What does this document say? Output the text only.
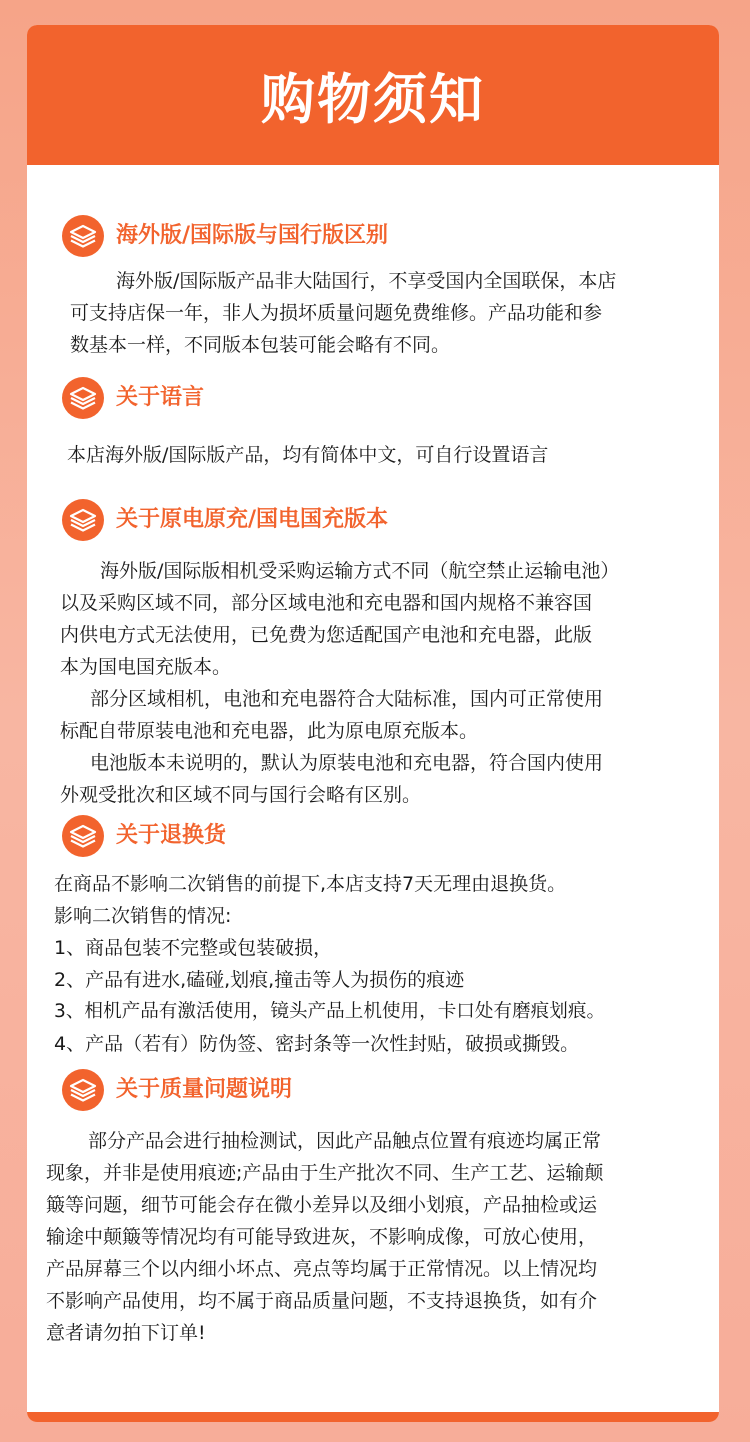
购物须知
海外版/国际版与国行版区别
海外版/国际版产品非大陆国行，不享受国内全国联保，本店
可支持店保一年，非人为损坏质量问题免费维修。产品功能和参
数基本一样，不同版本包装可能会略有不同。
关于语言
本店海外版/国际版产品，均有简体中文，可自行设置语言
关于原电原充/国电国充版本
海外版/国际版相机受采购运输方式不同（航空禁止运输电池）
以及采购区域不同，部分区域电池和充电器和国内规格不兼容国
内供电方式无法使用，已免费为您适配国产电池和充电器，此版
本为国电国充版本。
部分区域相机，电池和充电器符合大陆标准，国内可正常使用
标配自带原装电池和充电器，此为原电原充版本。
电池版本未说明的，默认为原装电池和充电器，符合国内使用
外观受批次和区域不同与国行会略有区别。
关于退换货
在商品不影响二次销售的前提下,本店支持7天无理由退换货。
影响二次销售的情况:
1、商品包装不完整或包装破损，
2、产品有进水,磕碰,划痕,撞击等人为损伤的痕迹
3、相机产品有激活使用，镜头产品上机使用，卡口处有磨痕划痕。
4、产品（若有）防伪签、密封条等一次性封贴，破损或撕毁。
关于质量问题说明
部分产品会进行抽检测试，因此产品触点位置有痕迹均属正常
现象，并非是使用痕迹;产品由于生产批次不同、生产工艺、运输颠
簸等问题，细节可能会存在微小差异以及细小划痕，产品抽检或运
输途中颠簸等情况均有可能导致进灰，不影响成像，可放心使用，
产品屏幕三个以内细小坏点、亮点等均属于正常情况。以上情况均
不影响产品使用，均不属于商品质量问题，不支持退换货，如有介
意者请勿拍下订单!
